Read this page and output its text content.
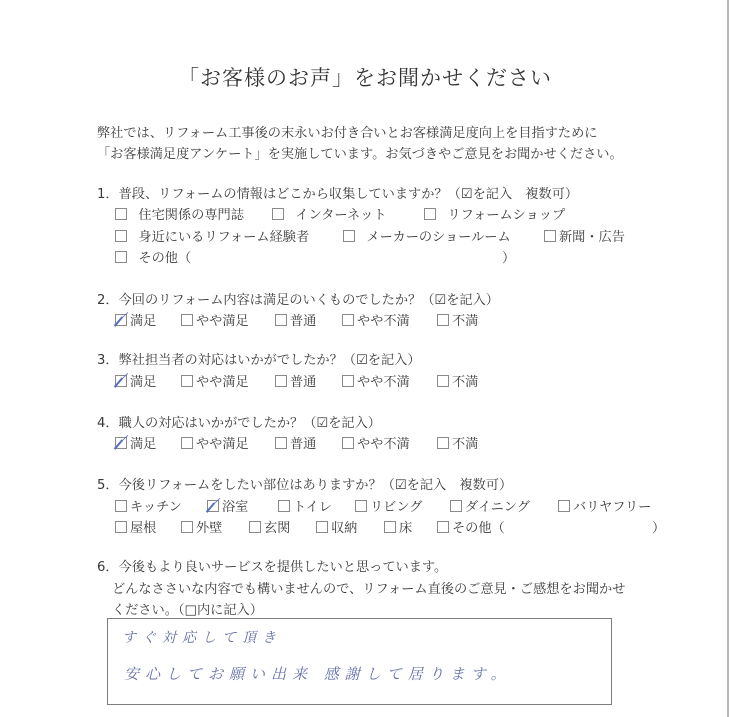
「お客様のお声」をお聞かせください
弊社では、リフォーム工事後の末永いお付き合いとお客様満足度向上を目指すために
「お客様満足度アンケート」を実施しています。お気づきやご意見をお聞かせください。
1．普段、リフォームの情報はどこから収集していますか？（☑を記入　複数可）
住宅関係の専門誌	インターネット	リフォームショップ
身近にいるリフォーム経験者	メーカーのショールーム	新聞・広告
その他（	）
2．今回のリフォーム内容は満足のいくものでしたか？（☑を記入）
満足	やや満足	普通	やや不満	不満
3．弊社担当者の対応はいかがでしたか？（☑を記入）
満足	やや満足	普通	やや不満	不満
4．職人の対応はいかがでしたか？（☑を記入）
満足	やや満足	普通	やや不満	不満
5．今後リフォームをしたい部位はありますか？（☑を記入　複数可）
キッチン	浴室	トイレ	リビング	ダイニング	バリヤフリー
屋根	外壁	玄関	収納	床	その他（	）
6．今後もより良いサービスを提供したいと思っています。
どんなささいな内容でも構いませんので、リフォーム直後のご意見・ご感想をお聞かせ
ください。（□内に記入）
すぐ対応して頂き
安心してお願い出来 感謝して居ります。
